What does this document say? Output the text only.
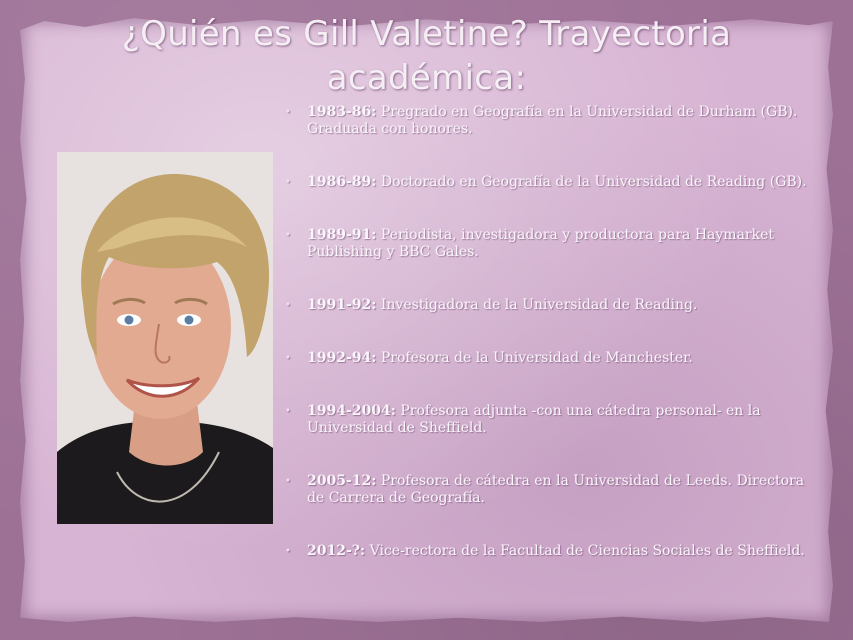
¿Quién es Gill Valetine? Trayectoria
académica:
• 1983-86: Pregrado en Geografía en la Universidad de Durham (GB). Graduada con honores.
• 1986-89: Doctorado en Geografía de la Universidad de Reading (GB).
• 1989-91: Periodista, investigadora y productora para Haymarket Publishing y BBC Gales.
• 1991-92: Investigadora de la Universidad de Reading.
• 1992-94: Profesora de la Universidad de Manchester.
• 1994-2004: Profesora adjunta -con una cátedra personal- en la Universidad de Sheffield.
• 2005-12: Profesora de cátedra en la Universidad de Leeds. Directora de Carrera de Geografía.
• 2012-?: Vice-rectora de la Facultad de Ciencias Sociales de Sheffield.
